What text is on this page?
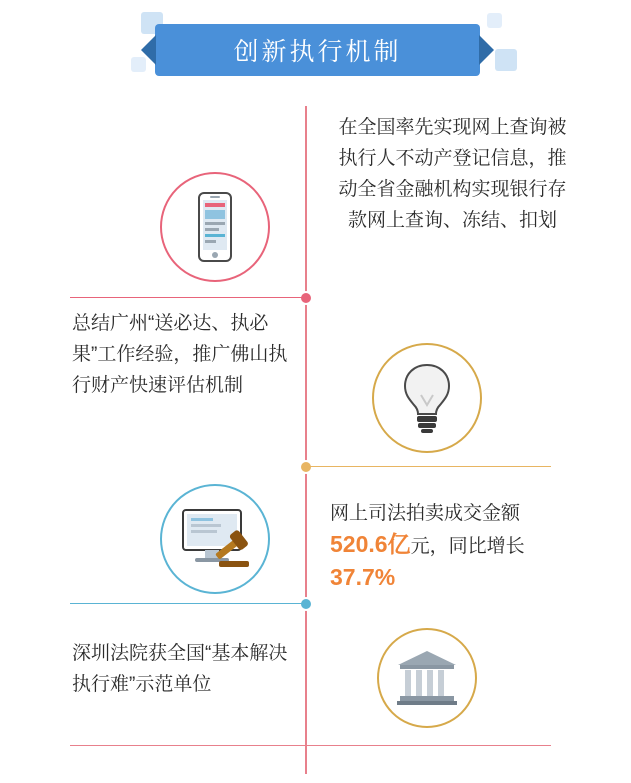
创新执行机制
在全国率先实现网上查询被执行人不动产登记信息，推动全省金融机构实现银行存款网上查询、冻结、扣划
总结广州“送必达、执必果”工作经验，推广佛山执行财产快速评估机制
网上司法拍卖成交金额
520.6亿元，同比增长
37.7%
深圳法院获全国“基本解决执行难”示范单位
